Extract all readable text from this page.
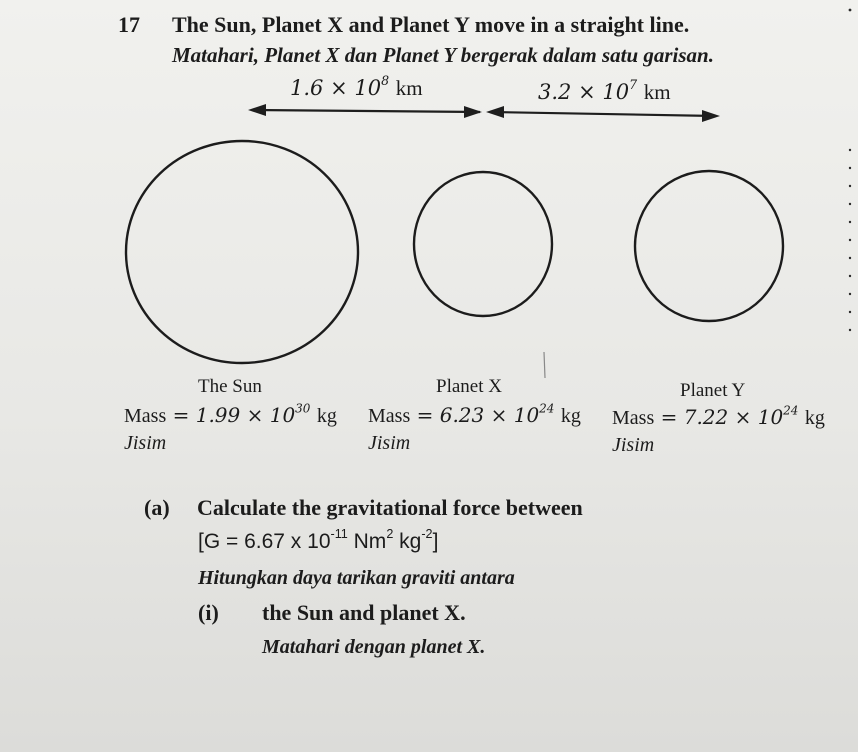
17 The Sun, Planet X and Planet Y move in a straight line.
Matahari, Planet X dan Planet Y bergerak dalam satu garisan.
$1.6 \times 10^8$ km	$3.2 \times 10^7$ km
The Sun	Planet X	Planet Y
Mass = $1.99 \times 10^{30}$ kg Mass = $6.23 \times 10^{24}$ kg Mass = $7.22 \times 10^{24}$ kg
Jisim	Jisim	Jisim
(a) Calculate the gravitational force between
[G = 6.67 x $10^{-11}$ Nm$^2$ $kg^{-2}$]
Hitungkan daya tarikan graviti antara
(i) the Sun and planet X.
Matahari dengan planet X.
